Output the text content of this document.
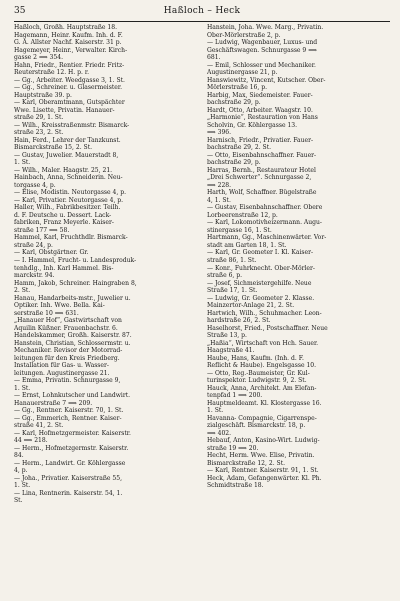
35	Haßloch – Heck
Haßloch, Großh. Hauptstraße 18.
Hagemann, Heinr. Kaufm. Inh. d. F.
G. A. Allster Nachf. Kaiserstr. 31 p.
Hagemeyer, Heinr., Verwalter. Kirch-
gasse 2 ⟹ 354.
Hahn, Friedr., Rentier. Friedr. Fritz-
Reuterstraße 12. H. p. r.
— Gg., Arbeiter. Weedgasse 3, 1. St.
— Gg., Schreiner. u. Glasermeister.
Hauptstraße 39. p.
— Karl, Oberamtmann, Gutspächter
Wwe. Lisette, Privatin. Hanauer-
straße 29, 1. St.
— Wilh., Kreisstraßenmstr. Bismarck-
straße 23, 2. St.
Hain, Ferd., Lehrer der Tanzkunst.
Bismarckstraße 15, 2. St.
— Gustav, Juwelier. Mauerstadt 8,
1. St.
— Wilh., Maler. Haagstr. 25, 21.
Hainbach, Anna, Schneiderin. Neu-
torgasse 4, p.
— Elise, Modistin. Neutorgasse 4, p.
— Karl, Privatier. Neutorgasse 4, p.
Haller, Wilh., Fabrikbesitzer. Teilh.
d. F. Deutsche u. Dessert. Lack-
fabriken, Franz Meyerle. Kaiser-
straße 177 ⟹ 58.
Hammel, Karl, Fruchthdlr. Bismarck-
straße 24, p.
— Karl, Obstgärtner. Gr.
— I. Hammel, Frucht- u. Landesproduk-
tenhdlg., Inh. Karl Hammel. Bis-
marckstr. 94.
Hamm, Jakob, Schreiner. Haingraben 8,
2. St.
Hanau, Handarbeits-mstr., Juwelier u.
Optiker. Inh. Wwe. Bella. Kai-
serstraße 10 ⟹ 631.
„Hanauer Hof“, Gastwirtschaft von
Aquilin Küßner. Frauenbachstr. 6.
Handelskammer, Großh. Kaiserstr. 87.
Hanstein, Christian, Schlossermstr. u.
Mechaniker. Revisor der Motorrad-
leitungen für den Kreis Friedberg.
Installation für Gas- u. Wasser-
leitungen. Augustinergasse 21.
— Emma, Privatin. Schnurgasse 9,
1. St.
— Ernst, Lohnkutscher und Landwirt.
Hanauerstraße 7 ⟹ 209.
— Gg., Rentner. Kaiserstr. 70, 1. St.
— Gg., Emmerich, Rentner. Kaiser-
straße 41, 2. St.
— Karl, Hofmetzgermeister. Kaiserstr.
44 ⟹ 218.
— Herm., Hofmetzgermstr. Kaiserstr.
84.
— Herm., Landwirt. Gr. Köhlergasse
4, p.
— Joha., Privatier. Kaiserstraße 55,
1. St.
— Lina, Rentnerin. Kaiserstr. 54, 1.
St.
Hanstein, Joha. Wwe. Marg., Privatin.
Ober-Mörlerstraße 2, p.
— Ludwig, Wagenbauer, Luxus- und
Geschäftswagen. Schnurgasse 9 ⟹
681.
— Emil, Schlosser und Mechaniker.
Augustinergasse 21, p.
Hanswiewitz, Vincent, Kutscher. Ober-
Mörlerstraße 16, p.
Harbig, Max, Siedemeister. Fauer-
bachstraße 29, p.
Hardt, Otto, Arbeiter. Waagstr. 10.
„Harmonie“, Restauration von Hans
Scholvin, Gr. Köhlergasse 13.
⟹ 396.
Harnisch, Friedr., Privatier. Fauer-
bachstraße 29, 2. St.
— Otto, Eisenbahnschaffner. Fauer-
bachstraße 29, p.
Harras, Bernh., Restaurateur Hotel
„Drei Schwerter“. Schnurgasse 2,
⟹ 228.
Harth, Wolf, Schaffner. Bügelstraße
4, 1. St.
— Gustav, Eisenbahnschaffner. Obere
Lorbeerenstraße 12, p.
— Karl, Lokomotivheizermann. Augu-
stinergasse 16, 1. St.
Hartmann, Gg., Maschinenwärter. Vor-
stadt am Garten 18, 1. St.
— Karl, Gr. Geometer I. Kl. Kaiser-
straße 86, 1. St.
— Konr., Fuhrknecht. Ober-Mörler-
straße 6, p.
— Josef, Sichmeistergehilfe. Neue
Straße 17, 1. St.
— Ludwig, Gr. Geometer 2. Klasse.
Mainzertor-Anlage 21, 2. St.
Hartwich, Wilh., Schuhmacher. Leon-
hardstraße 26, 2. St.
Haselhorst, Fried., Postschaffner. Neue
Straße 13, p.
„Haßia“, Wirtschaft von Hch. Sauer.
Haagstraße 41.
Haube, Hans, Kaufm. (Inh. d. F.
Reflicht & Haube). Engelsgasse 10.
— Otto, Reg.-Baumeister, Gr. Kul-
turinspektor. Ludwigstr. 9, 2. St.
Hauck, Anna, Architekt. Am Elefan-
tenpfad 1 ⟹ 200.
Hauptmeldeamt. Kl. Klostergasse 16.
1. St.
Havanna- Compagnie, Cigarrenspe-
zialgeschäft. Bismarckstr. 18, p.
⟹ 402.
Hebauf, Anton, Kasino-Wirt. Ludwig-
straße 19 ⟹ 20.
Hecht, Herm. Wwe. Elise, Privatin.
Bismarckstraße 12, 2. St.
— Karl, Rentner. Kaiserstr. 91, 1. St.
Heck, Adam, Gefangenwärter. Kl. Ph.
Schmidtstraße 18.
